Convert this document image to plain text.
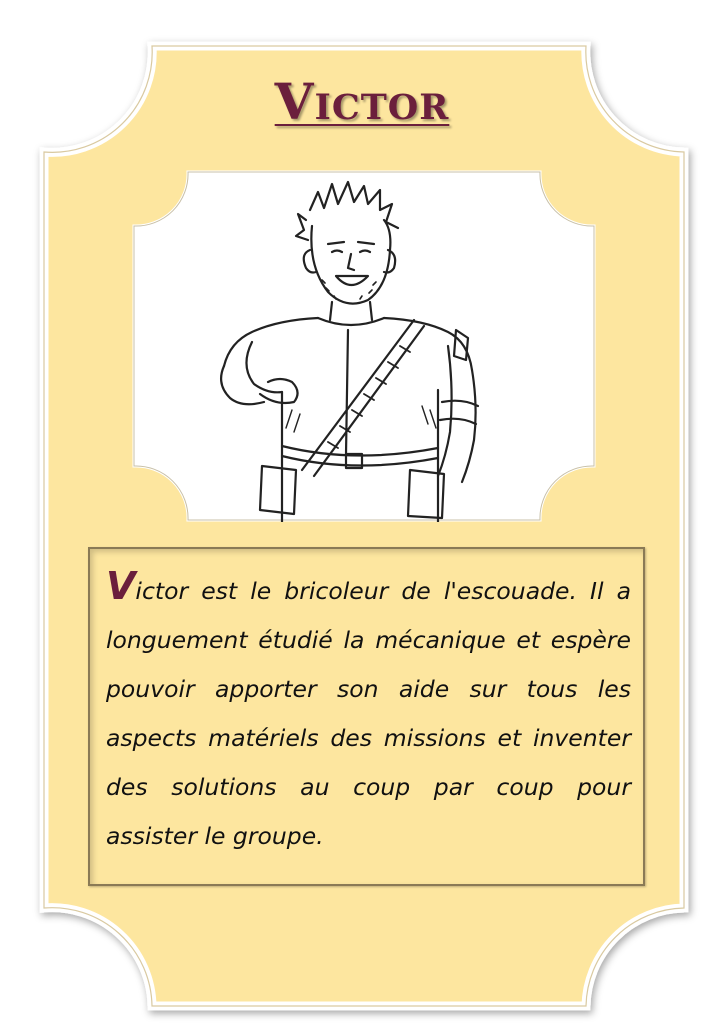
Victor

Victor est le bricoleur de l'escouade. Il a longuement étudié la mécanique et espère pouvoir apporter son aide sur tous les aspects matériels des missions et inventer des solutions au coup par coup pour assister le groupe.
